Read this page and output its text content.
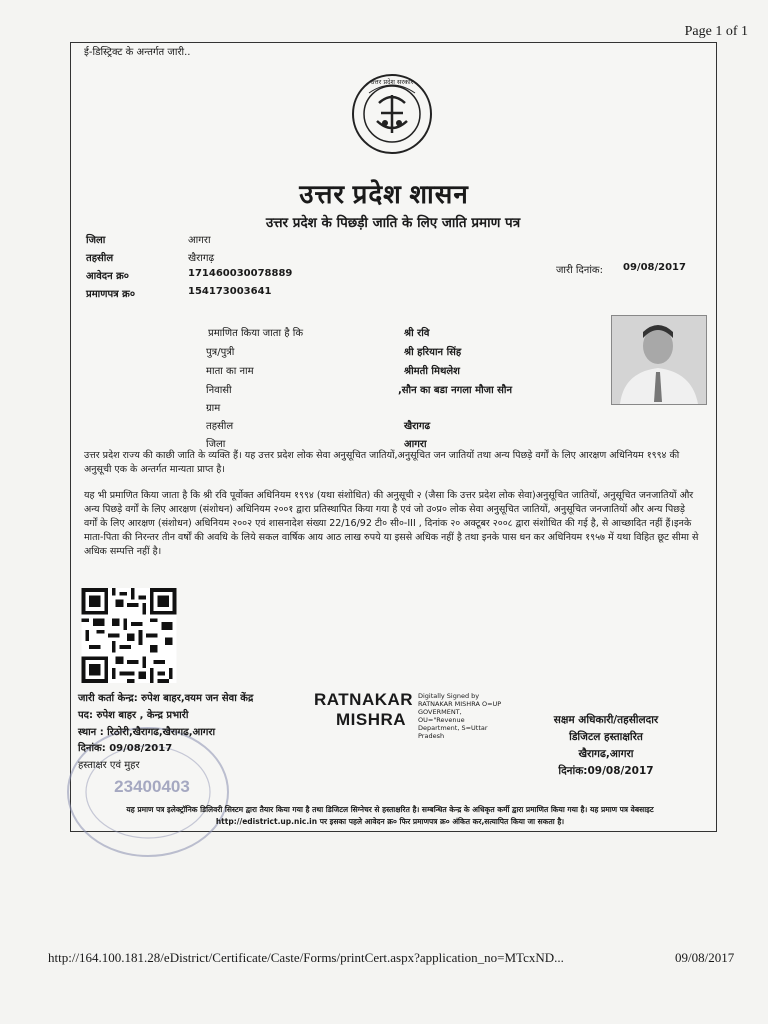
Page 1 of 1
ई-डिस्ट्रिक्ट के अन्तर्गत जारी..
उत्तर प्रदेश सरकार
उत्तर प्रदेश शासन
उत्तर प्रदेश के पिछड़ी जाति के लिए जाति प्रमाण पत्र
जिला	आगरा
तहसील	खैरागढ़
आवेदन क्र०	171460030078889
प्रमाणपत्र क्र०	154173003641
जारी दिनांक: 09/08/2017
प्रमाणित किया जाता है कि	श्री रवि
पुत्र/पुत्री	श्री हरियान सिंह
माता का नाम	श्रीमती मिथलेश
निवासी	,सौन का बडा नगला मौजा सौन
ग्राम
तहसील	खैरागढ
जिला	आगरा
उत्तर प्रदेश राज्य की काछी जाति के व्यक्ति हैं। यह उत्तर प्रदेश लोक सेवा अनुसूचित जातियों,अनुसूचित जन जातियों तथा अन्य पिछड़े वर्गों के लिए आरक्षण अधिनियम १९९४ की अनुसूची एक के अन्तर्गत मान्यता प्राप्त है।
यह भी प्रमाणित किया जाता है कि श्री रवि पूर्वोक्त अधिनियम १९९४ (यथा संशोधित) की अनुसूची २ (जैसा कि उत्तर प्रदेश लोक सेवा)अनुसूचित जातियों, अनुसूचित जनजातियों और अन्य पिछड़े वर्गों के लिए आरक्षण (संशोधन) अधिनियम २००१ द्वारा प्रतिस्थापित किया गया है एवं जो उ०प्र० लोक सेवा अनुसूचित जातियों, अनुसूचित जनजातियों और अन्य पिछड़े वर्गों के लिए आरक्षण (संशोधन) अधिनियम २००२ एवं शासनादेश संख्या 22/16/92 टी० सी०-III , दिनांक २० अक्टूबर २००८ द्वारा संशोधित की गई है, से आच्छादित नहीं हैं।इनके माता-पिता की निरन्तर तीन वर्षों की अवधि के लिये सकल वार्षिक आय आठ लाख रुपये या इससे अधिक नहीं है तथा इनके पास धन कर अधिनियम १९५७ में यथा विहित छूट सीमा से अधिक सम्पत्ति नहीं है।
23400403
जारी कर्ता केन्द्र: रुपेश बाहर,वयम जन सेवा केंद्र
पद: रुपेश बाहर , केन्द्र प्रभारी
स्थान : रिठोरी,खैरागढ,खैरागढ,आगरा
दिनांक: 09/08/2017
हस्ताक्षर एवं मुहर
RATNAKAR
MISHRA
Digitally Signed by RATNAKAR MISHRA O=UP GOVERMENT, OU="Revenue Department, S=Uttar Pradesh
सक्षम अधिकारी/तहसीलदार
डिजिटल हस्ताक्षरित
खैरागढ,आगरा
दिनांक:09/08/2017
यह प्रमाण पत्र इलेक्ट्रॉनिक डिलिवरी सिस्टम द्वारा तैयार किया गया है तथा डिजिटल सिग्नेचर से हस्ताक्षरित है। सम्बन्धित केन्द्र के अधिकृत कर्मी द्वारा प्रमाणित किया गया है। यह प्रमाण पत्र वेबसाइट http://edistrict.up.nic.in पर इसका पहले आवेदन क्र० फिर प्रमाणपत्र क्र० अंकित कर,सत्यापित किया जा सकता है।
http://164.100.181.28/eDistrict/Certificate/Caste/Forms/printCert.aspx?application_no=MTcxND...	09/08/2017
